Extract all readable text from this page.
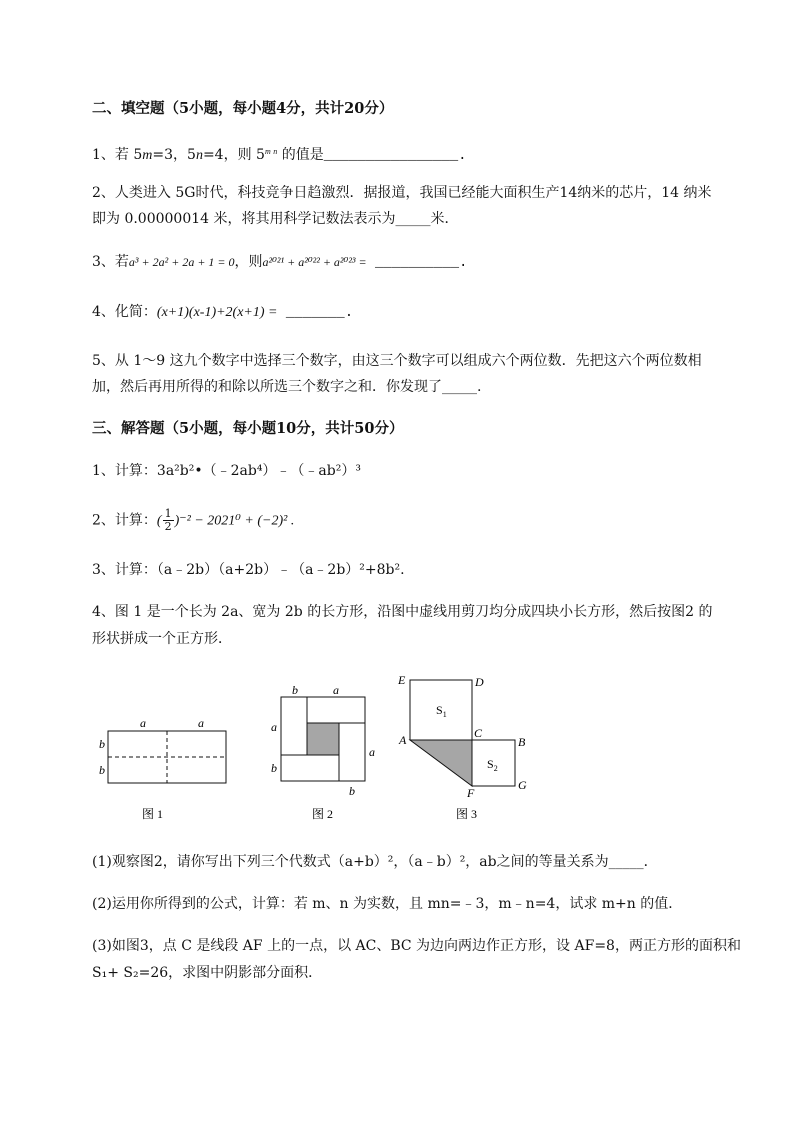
二、填空题（5小题，每小题4分，共计20分）
1、若 5m=3，5n=4，则 5$^m$ $^n$ 的值是________________.
2、人类进入 5G时代，科技竞争日趋激烈．据报道，我国已经能大面积生产14纳米的芯片，14 纳米
即为 0.00000014 米，将其用科学记数法表示为_____米．
3、若a³ + 2a² + 2a + 1 = 0，则a²⁰²¹ + a²⁰²² + a²⁰²³ = __________.
4、化简：(x+1)(x-1)+2(x+1) = _______.
5、从 1～9 这九个数字中选择三个数字，由这三个数字可以组成六个两位数．先把这六个两位数相
加，然后再用所得的和除以所选三个数字之和．你发现了_____.
三、解答题（5小题，每小题10分，共计50分）
1、计算：3a²b²•（﹣2ab⁴）﹣（﹣ab²）³
2、计算：( $\frac{1}{2} )^{-2} - 2021^0 + (-2)^2$ .
3、计算：（a﹣2b）（a+2b）﹣（a﹣2b）²+8b².
4、图 1 是一个长为 2a、宽为 2b 的长方形，沿图中虚线用剪刀均分成四块小长方形，然后按图2 的
形状拼成一个正方形．
a	a
b
b
图 1
b	a
a
b
a
b
图 2
E	D
A	C
B
F
G
$S_1$
$S_2$
图 3
(1)观察图2，请你写出下列三个代数式（a+b）²，（a﹣b）²，ab之间的等量关系为_____．
(2)运用你所得到的公式，计算：若 m、n 为实数，且 mn=﹣3，m﹣n=4，试求 m+n 的值．
(3)如图3，点 C 是线段 AF 上的一点，以 AC、BC 为边向两边作正方形，设 AF=8，两正方形的面积和
S₁+ S₂=26，求图中阴影部分面积．
